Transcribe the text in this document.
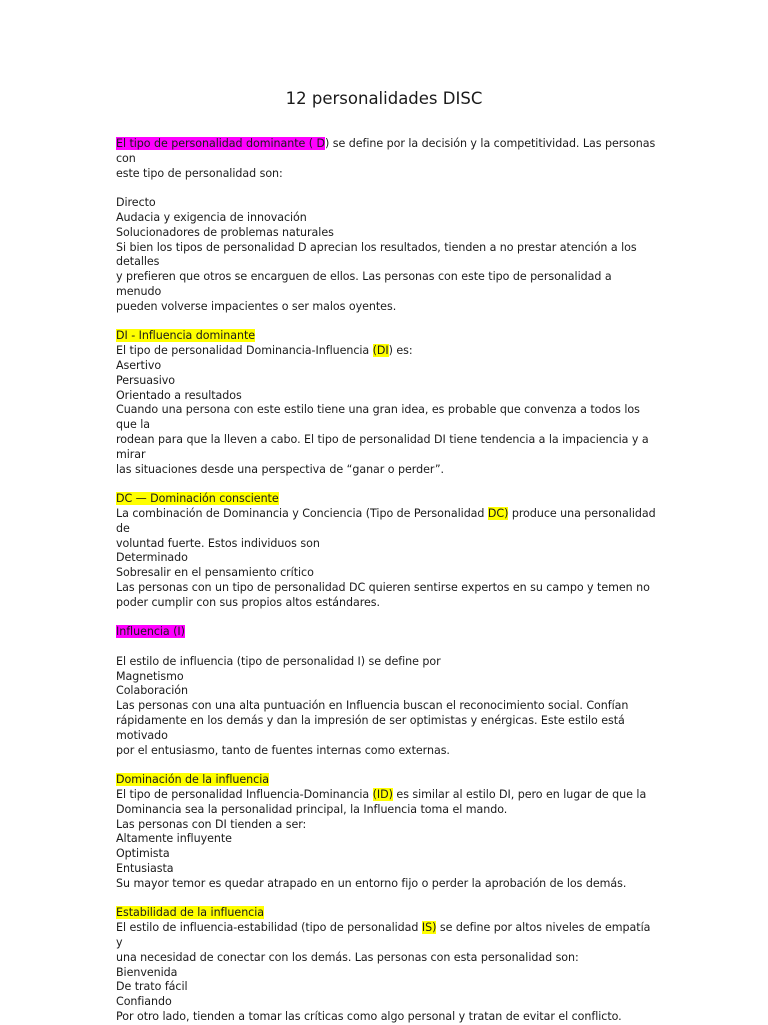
12 personalidades DISC

El tipo de personalidad dominante ( D) se define por la decisión y la competitividad. Las personas con

este tipo de personalidad son:

Directo

Audacia y exigencia de innovación

Solucionadores de problemas naturales

Si bien los tipos de personalidad D aprecian los resultados, tienden a no prestar atención a los detalles

y prefieren que otros se encarguen de ellos. Las personas con este tipo de personalidad a menudo

pueden volverse impacientes o ser malos oyentes.

DI - Influencia dominante

El tipo de personalidad Dominancia-Influencia (DI) es:

Asertivo

Persuasivo

Orientado a resultados

Cuando una persona con este estilo tiene una gran idea, es probable que convenza a todos los que la

rodean para que la lleven a cabo. El tipo de personalidad DI tiene tendencia a la impaciencia y a mirar

las situaciones desde una perspectiva de “ganar o perder”.

DC — Dominación consciente

La combinación de Dominancia y Conciencia (Tipo de Personalidad DC) produce una personalidad de

voluntad fuerte. Estos individuos son

Determinado

Sobresalir en el pensamiento crítico

Las personas con un tipo de personalidad DC quieren sentirse expertos en su campo y temen no

poder cumplir con sus propios altos estándares.

Influencia (I)

El estilo de influencia (tipo de personalidad I) se define por

Magnetismo

Colaboración

Las personas con una alta puntuación en Influencia buscan el reconocimiento social. Confían

rápidamente en los demás y dan la impresión de ser optimistas y enérgicas. Este estilo está motivado

por el entusiasmo, tanto de fuentes internas como externas.

Dominación de la influencia

El tipo de personalidad Influencia-Dominancia (ID) es similar al estilo DI, pero en lugar de que la

Dominancia sea la personalidad principal, la Influencia toma el mando.

Las personas con DI tienden a ser:

Altamente influyente

Optimista

Entusiasta

Su mayor temor es quedar atrapado en un entorno fijo o perder la aprobación de los demás.

Estabilidad de la influencia

El estilo de influencia-estabilidad (tipo de personalidad IS) se define por altos niveles de empatía y

una necesidad de conectar con los demás. Las personas con esta personalidad son:

Bienvenida

De trato fácil

Confiando

Por otro lado, tienden a tomar las críticas como algo personal y tratan de evitar el conflicto.
